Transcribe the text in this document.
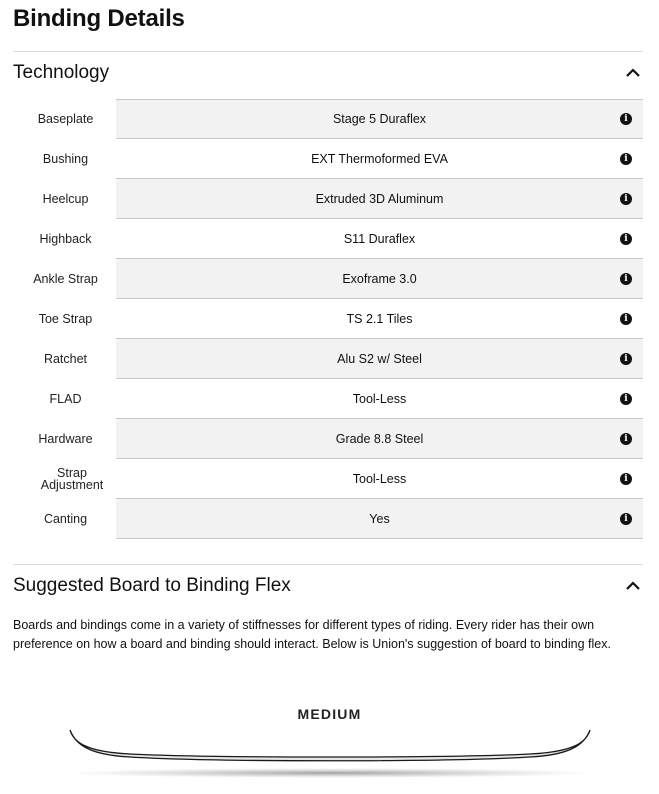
Binding Details
Technology
Baseplate	Stage 5 Duraflex	i
Bushing	EXT Thermoformed EVA	i
Heelcup	Extruded 3D Aluminum	i
Highback	S11 Duraflex	i
Ankle Strap	Exoframe 3.0	i
Toe Strap	TS 2.1 Tiles	i
Ratchet	Alu S2 w/ Steel	i
FLAD	Tool-Less	i
Hardware	Grade 8.8 Steel	i
Strap Adjustment	Tool-Less	i
Canting	Yes	i
Suggested Board to Binding Flex
Boards and bindings come in a variety of stiffnesses for different types of riding. Every rider has their own preference on how a board and binding should interact. Below is Union's suggestion of board to binding flex.
MEDIUM
